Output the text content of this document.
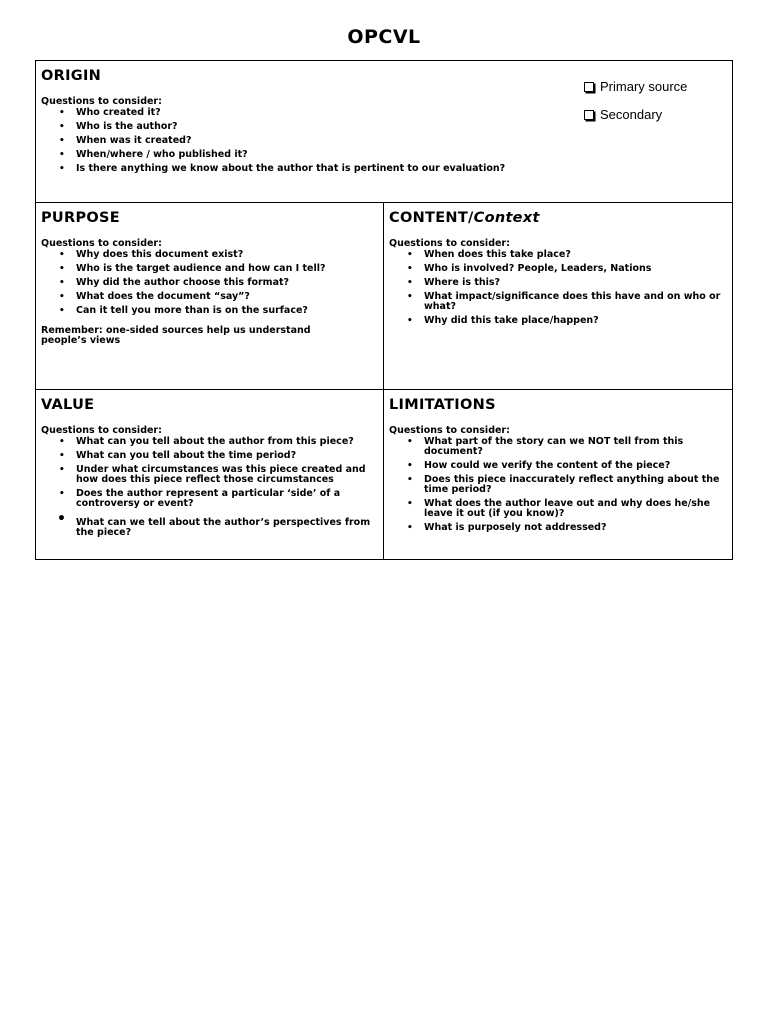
OPCVL
ORIGIN
Questions to consider:
• Who created it?
• Who is the author?
• When was it created?
• When/where / who published it?
• Is there anything we know about the author that is pertinent to our evaluation?
Primary source
Secondary
PURPOSE
Questions to consider:
• Why does this document exist?
• Who is the target audience and how can I tell?
• Why did the author choose this format?
• What does the document “say”?
• Can it tell you more than is on the surface?
Remember: one-sided sources help us understand people’s views
CONTENT/Context
Questions to consider:
• When does this take place?
• Who is involved? People, Leaders, Nations
• Where is this?
• What impact/significance does this have and on who or what?
• Why did this take place/happen?
VALUE
Questions to consider:
• What can you tell about the author from this piece?
• What can you tell about the time period?
• Under what circumstances was this piece created and how does this piece reflect those circumstances
• Does the author represent a particular ‘side’ of a controversy or event?
• What can we tell about the author’s perspectives from the piece?
LIMITATIONS
Questions to consider:
• What part of the story can we NOT tell from this document?
• How could we verify the content of the piece?
• Does this piece inaccurately reflect anything about the time period?
• What does the author leave out and why does he/she leave it out (if you know)?
• What is purposely not addressed?
